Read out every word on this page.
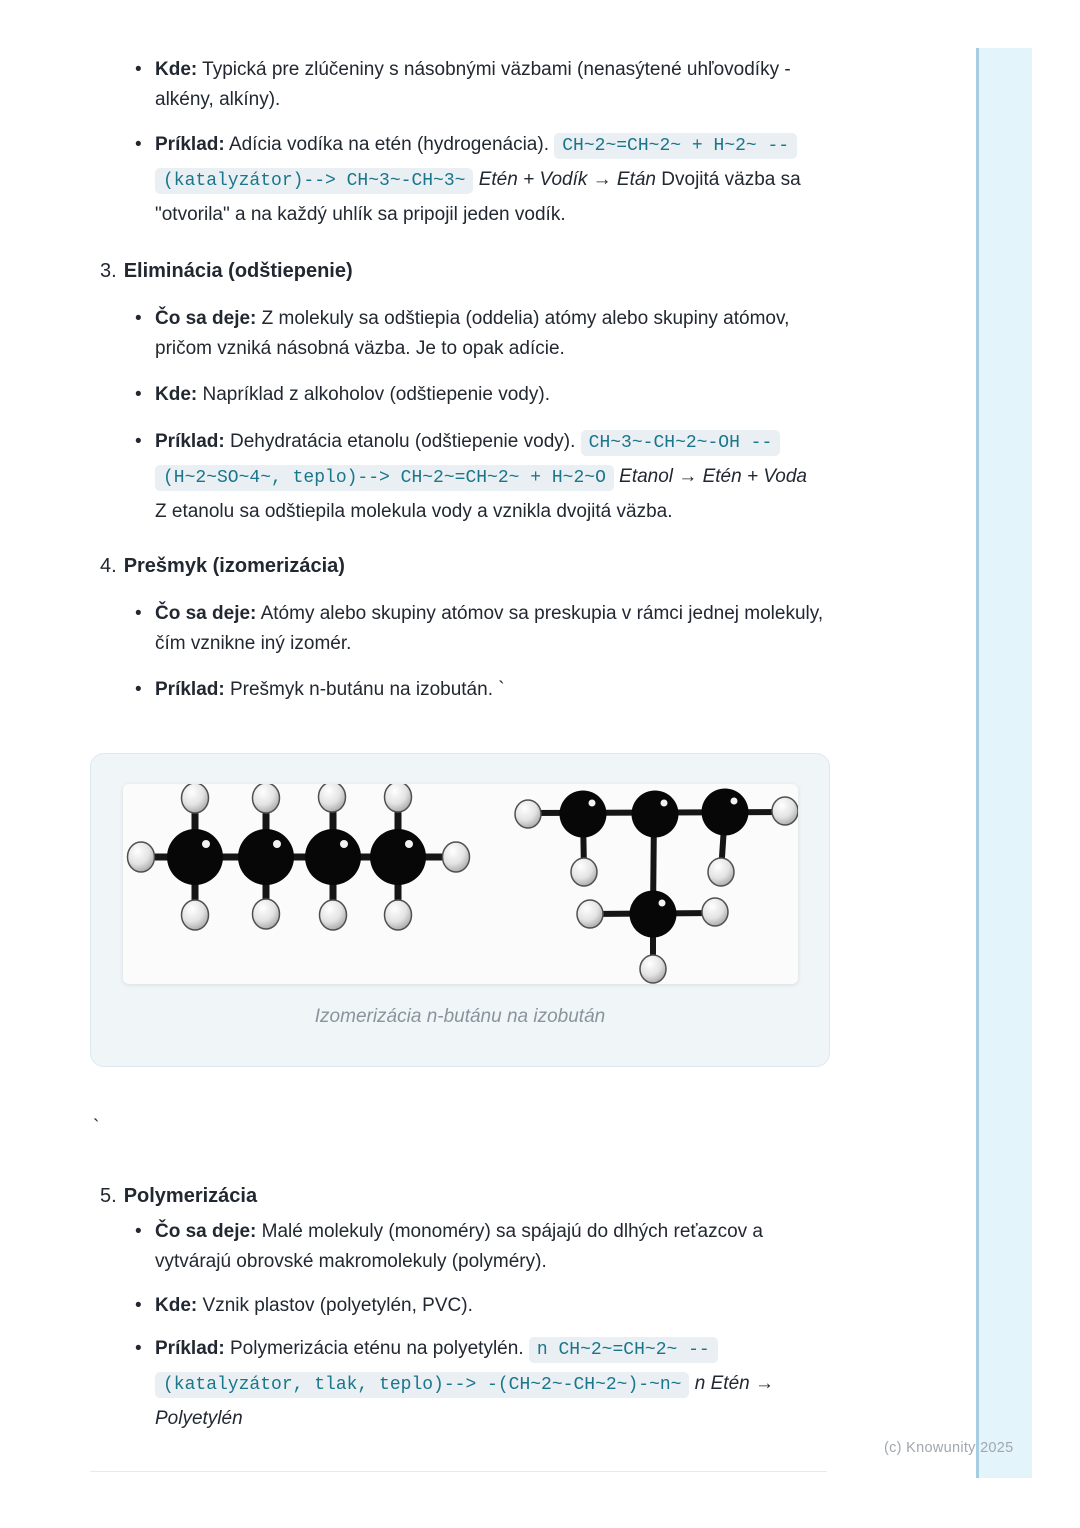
• Kde: Typická pre zlúčeniny s násobnými väzbami (nenasýtené uhľovodíky - alkény, alkíny).
• Príklad: Adícia vodíka na etén (hydrogenácia). CH~2~=CH~2~ + H~2~ --(katalyzátor)--> CH~3~-CH~3~ Etén + Vodík → Etán Dvojitá väzba sa "otvorila" a na každý uhlík sa pripojil jeden vodík.
3. Eliminácia (odštiepenie)
• Čo sa deje: Z molekuly sa odštiepia (oddelia) atómy alebo skupiny atómov, pričom vzniká násobná väzba. Je to opak adície.
• Kde: Napríklad z alkoholov (odštiepenie vody).
• Príklad: Dehydratácia etanolu (odštiepenie vody). CH~3~-CH~2~-OH --(H~2~SO~4~, teplo)--> CH~2~=CH~2~ + H~2~O Etanol → Etén + Voda
Z etanolu sa odštiepila molekula vody a vznikla dvojitá väzba.
4. Prešmyk (izomerizácia)
• Čo sa deje: Atómy alebo skupiny atómov sa preskupia v rámci jednej molekuly, čím vznikne iný izomér.
• Príklad: Prešmyk n-butánu na izobután. `
Izomerizácia n-butánu na izobután
`
5. Polymerizácia
• Čo sa deje: Malé molekuly (monoméry) sa spájajú do dlhých reťazcov a vytvárajú obrovské makromolekuly (polyméry).
• Kde: Vznik plastov (polyetylén, PVC).
• Príklad: Polymerizácia eténu na polyetylén. n CH~2~=CH~2~ --(katalyzátor, tlak, teplo)--> -(CH~2~-CH~2~)-~n~ n Etén → Polyetylén
(c) Knowunity 2025
